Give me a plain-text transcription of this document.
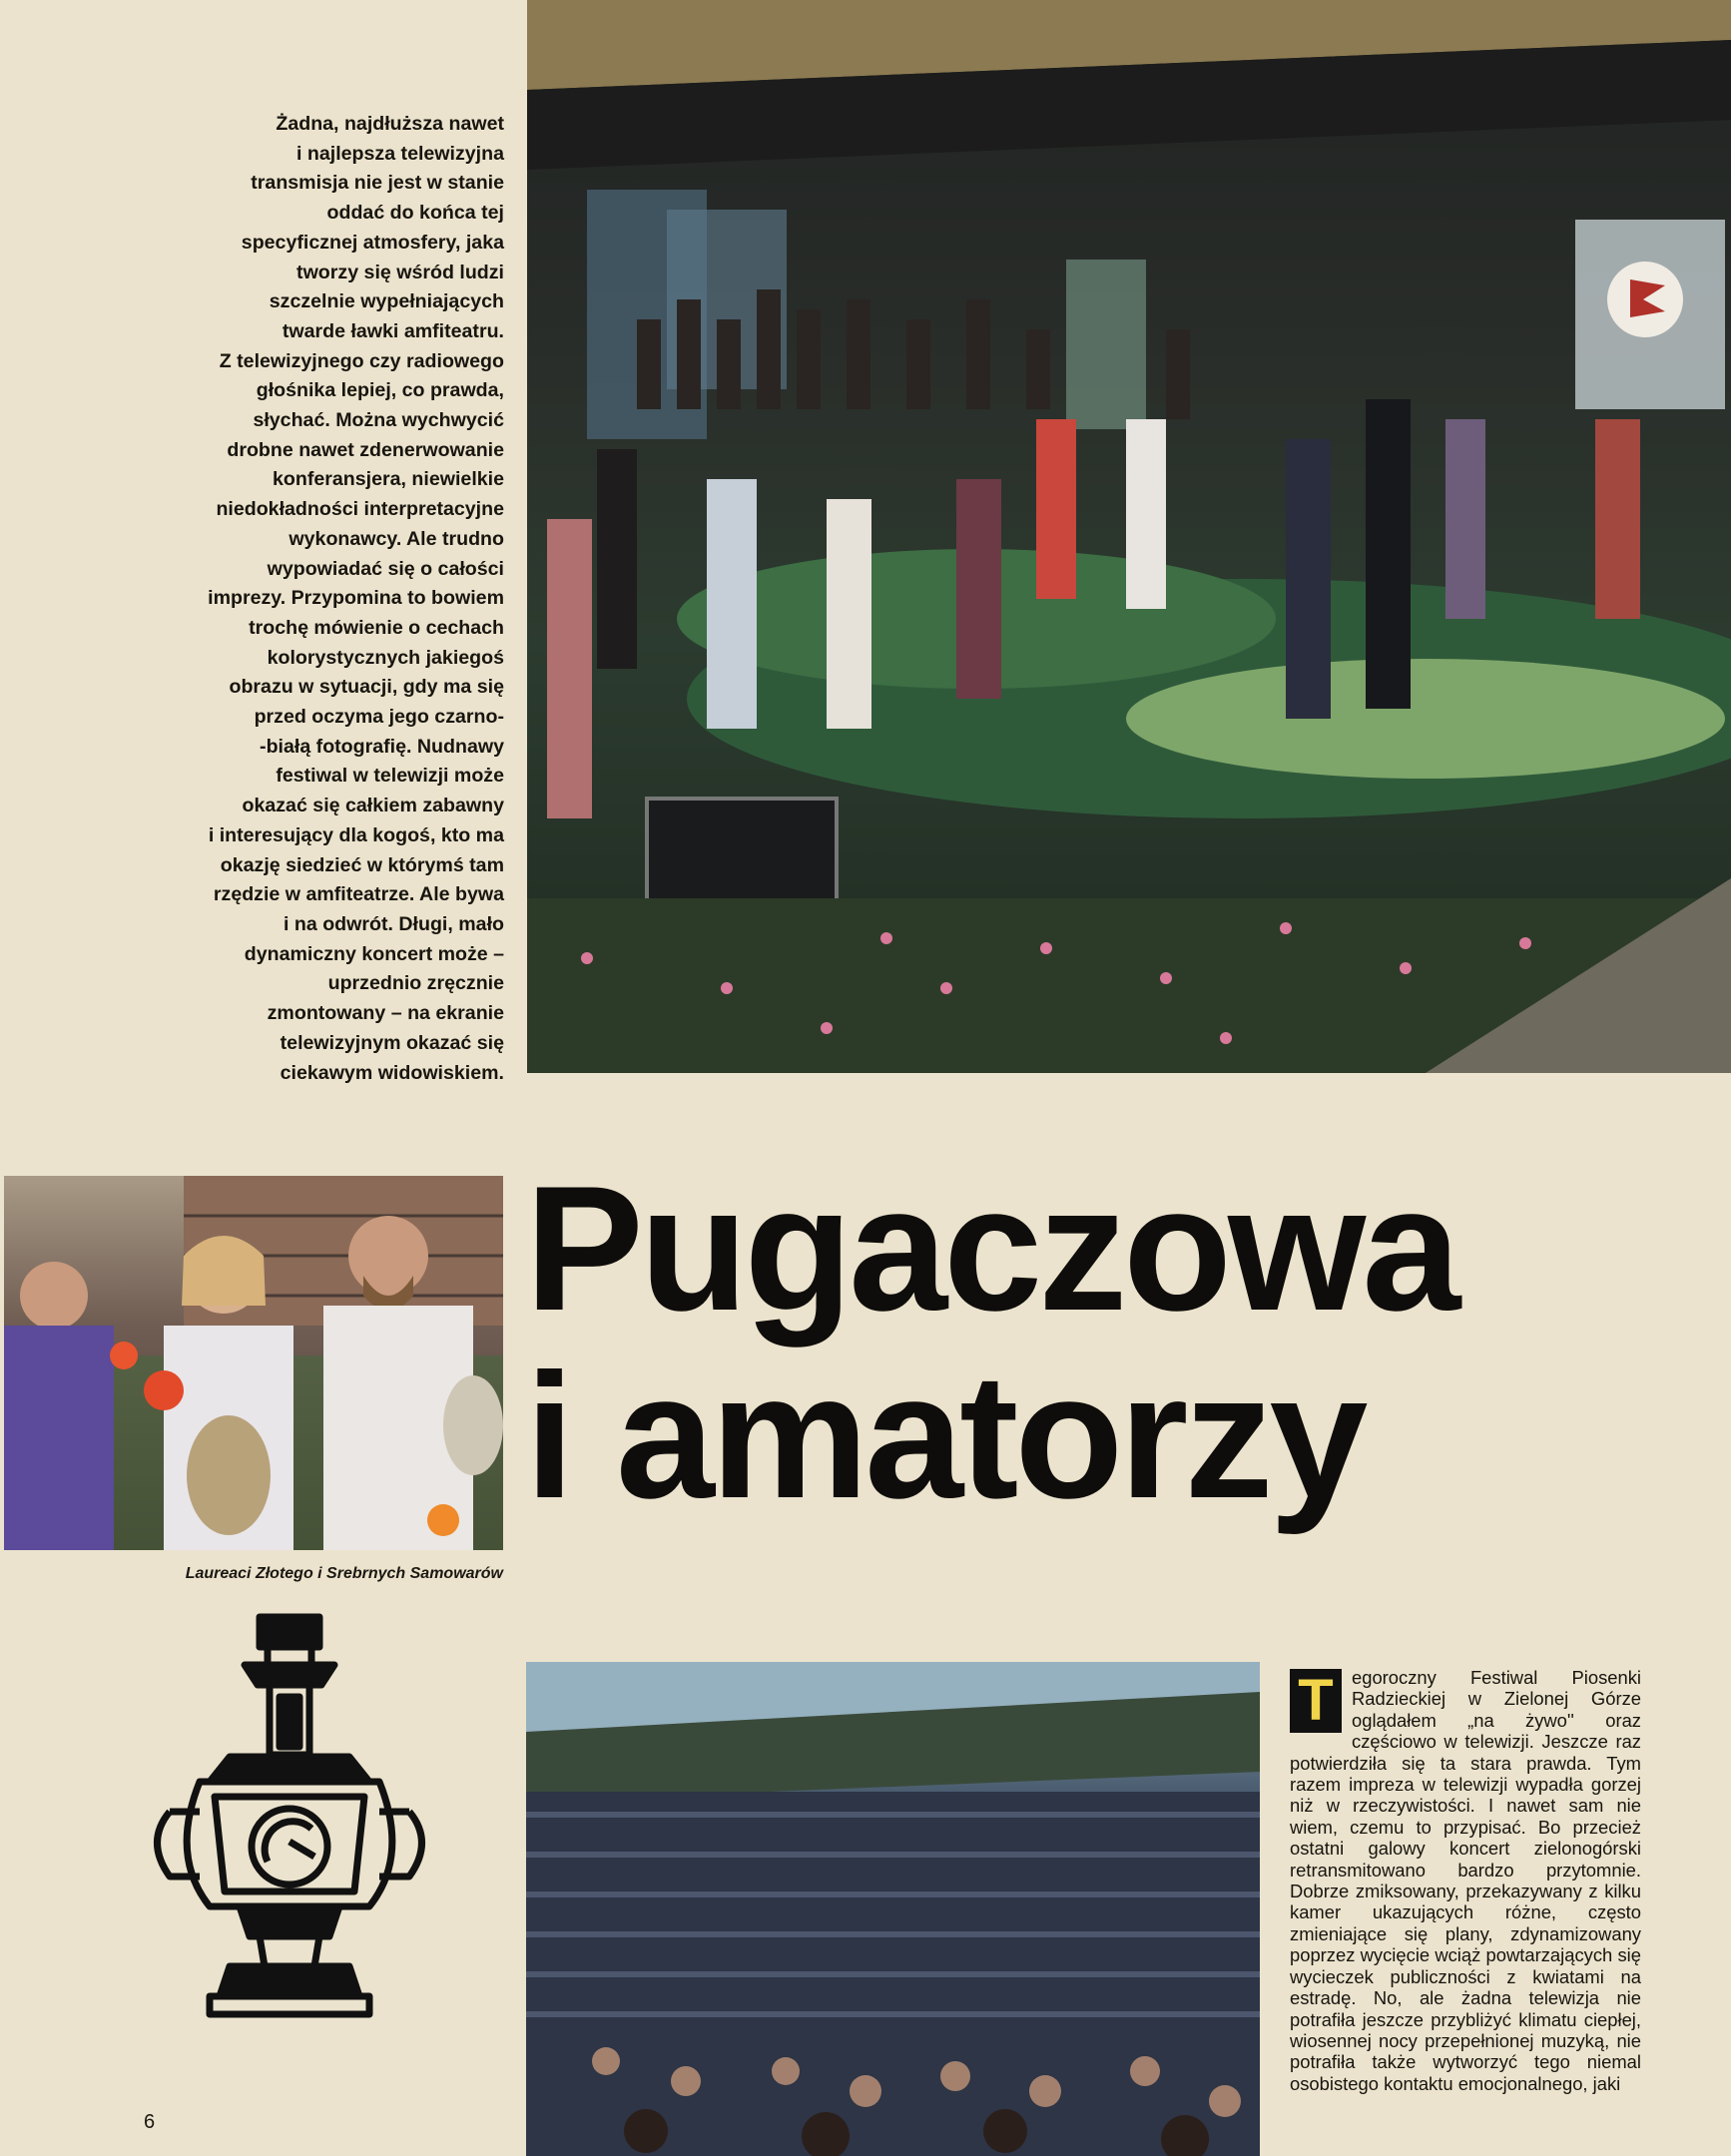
Żadna, najdłuższa nawet
i najlepsza telewizyjna
transmisja nie jest w stanie
oddać do końca tej
specyficznej atmosfery, jaka
tworzy się wśród ludzi
szczelnie wypełniających
twarde ławki amfiteatru.
Z telewizyjnego czy radiowego
głośnika lepiej, co prawda,
słychać. Można wychwycić
drobne nawet zdenerwowanie
konferansjera, niewielkie
niedokładności interpretacyjne
wykonawcy. Ale trudno
wypowiadać się o całości
imprezy. Przypomina to bowiem
trochę mówienie o cechach
kolorystycznych jakiegoś
obrazu w sytuacji, gdy ma się
przed oczyma jego czarno-
-białą fotografię. Nudnawy
festiwal w telewizji może
okazać się całkiem zabawny
i interesujący dla kogoś, kto ma
okazję siedzieć w którymś tam
rzędzie w amfiteatrze. Ale bywa
i na odwrót. Długi, mało
dynamiczny koncert może –
uprzednio zręcznie
zmontowany – na ekranie
telewizyjnym okazać się
ciekawym widowiskiem.
Laureaci Złotego i Srebrnych Samowarów
Pugaczowa
i amatorzy
T egoroczny Festiwal Piosenki Radzieckiej w Zielonej Górze oglądałem „na żywo'' oraz częściowo w telewizji. Jeszcze raz potwierdziła się ta stara prawda. Tym razem impreza w telewizji wypadła gorzej niż w rzeczywistości. I nawet sam nie wiem, czemu to przypisać. Bo przecież ostatni galowy koncert zielonogórski retransmitowano bardzo przytomnie. Dobrze zmiksowany, przekazywany z kilku kamer ukazujących różne, często zmieniające się plany, zdynamizowany poprzez wycięcie wciąż powtarzających się wycieczek publiczności z kwiatami na estradę. No, ale żadna telewizja nie potrafiła jeszcze przybliżyć klimatu ciepłej, wiosennej nocy przepełnionej muzyką, nie potrafiła także wytworzyć tego niemal osobistego kontaktu emocjonalnego, jaki
6
